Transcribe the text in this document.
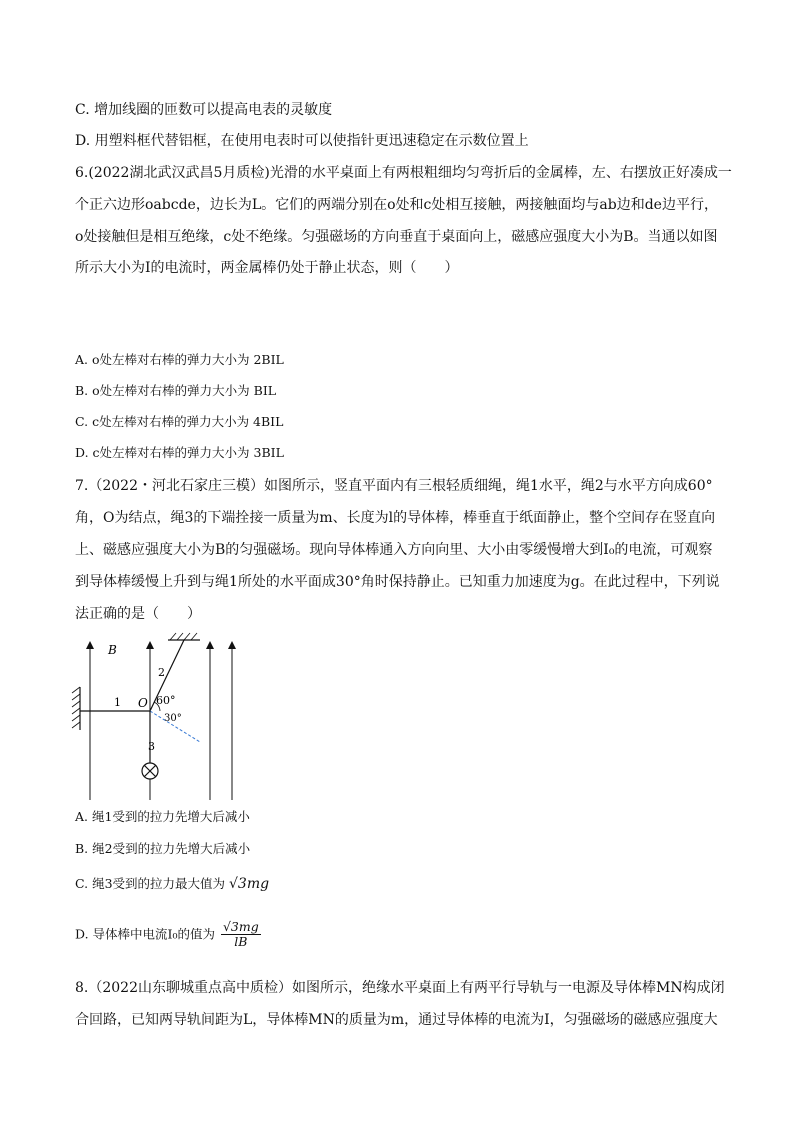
C. 增加线圈的匝数可以提高电表的灵敏度
D. 用塑料框代替铝框，在使用电表时可以使指针更迅速稳定在示数位置上
6.(2022湖北武汉武昌5月质检)光滑的水平桌面上有两根粗细均匀弯折后的金属棒，左、右摆放正好凑成一
个正六边形oabcde，边长为L。它们的两端分别在o处和c处相互接触，两接触面均与ab边和de边平行，
o处接触但是相互绝缘，c处不绝缘。匀强磁场的方向垂直于桌面向上，磁感应强度大小为B。当通以如图
所示大小为I的电流时，两金属棒仍处于静止状态，则（　　）
A. o处左棒对右棒的弹力大小为 2BIL
B. o处左棒对右棒的弹力大小为 BIL
C. c处左棒对右棒的弹力大小为 4BIL
D. c处左棒对右棒的弹力大小为 3BIL
7.（2022・河北石家庄三模）如图所示，竖直平面内有三根轻质细绳，绳1水平，绳2与水平方向成60°
角，O为结点，绳3的下端拴接一质量为m、长度为l的导体棒，棒垂直于纸面静止，整个空间存在竖直向
上、磁感应强度大小为B的匀强磁场。现向导体棒通入方向向里、大小由零缓慢增大到I₀的电流，可观察
到导体棒缓慢上升到与绳1所处的水平面成30°角时保持静止。已知重力加速度为g。在此过程中，下列说
法正确的是（　　）
B
1
2
O 60°
30°
3
A. 绳1受到的拉力先增大后减小
B. 绳2受到的拉力先增大后减小
C. 绳3受到的拉力最大值为 √3mg
D. 导体棒中电流I₀的值为 $\frac{√3mg}{lB}$
8.（2022山东聊城重点高中质检）如图所示，绝缘水平桌面上有两平行导轨与一电源及导体棒MN构成闭
合回路，已知两导轨间距为L，导体棒MN的质量为m，通过导体棒的电流为I，匀强磁场的磁感应强度大
